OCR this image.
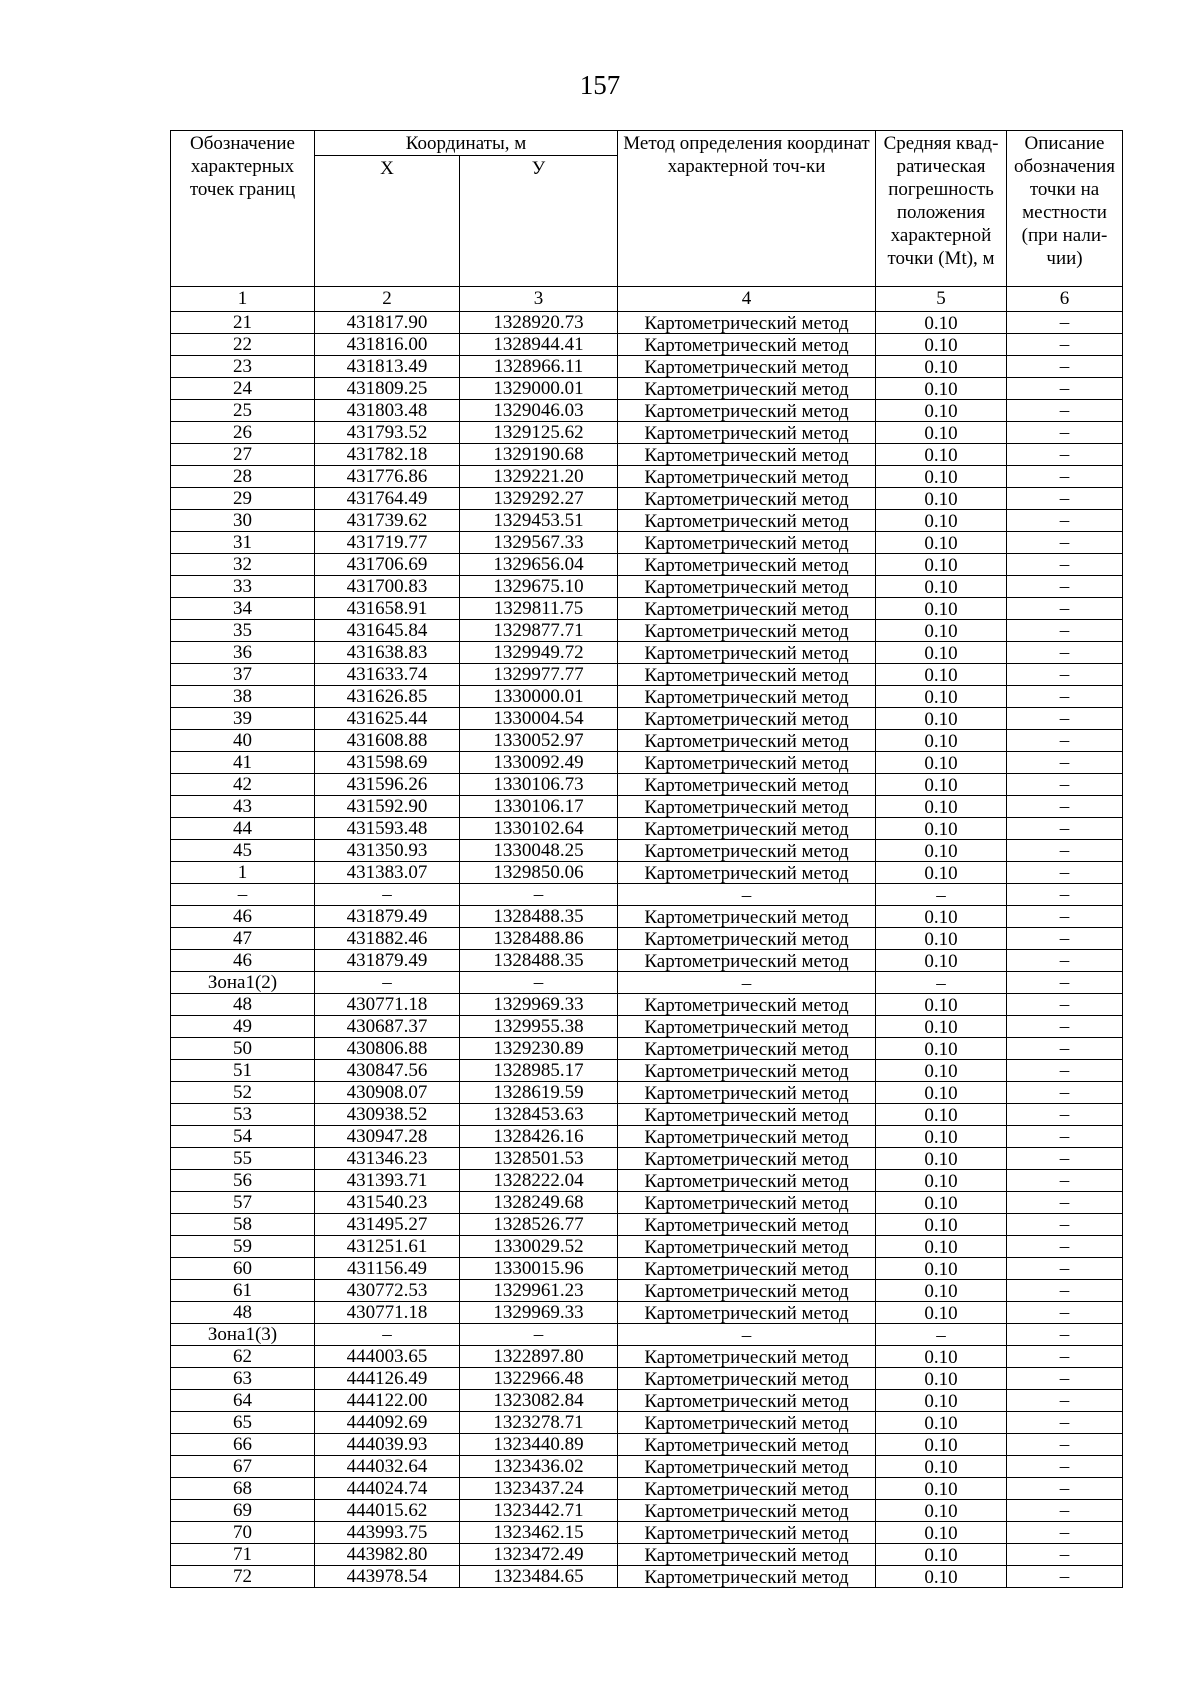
157
Обозначение характерных точек границ	Координаты, м		Метод определения координат характерной точ-ки	Средняя квад-ратическая погрешность положения характерной точки (Mt), м	Описание обозначения точки на местности (при нали-чии)
	Х	У			
1	2	3	4	5	6
21	431817.90	1328920.73	Картометрический метод	0.10	–
22	431816.00	1328944.41	Картометрический метод	0.10	–
23	431813.49	1328966.11	Картометрический метод	0.10	–
24	431809.25	1329000.01	Картометрический метод	0.10	–
25	431803.48	1329046.03	Картометрический метод	0.10	–
26	431793.52	1329125.62	Картометрический метод	0.10	–
27	431782.18	1329190.68	Картометрический метод	0.10	–
28	431776.86	1329221.20	Картометрический метод	0.10	–
29	431764.49	1329292.27	Картометрический метод	0.10	–
30	431739.62	1329453.51	Картометрический метод	0.10	–
31	431719.77	1329567.33	Картометрический метод	0.10	–
32	431706.69	1329656.04	Картометрический метод	0.10	–
33	431700.83	1329675.10	Картометрический метод	0.10	–
34	431658.91	1329811.75	Картометрический метод	0.10	–
35	431645.84	1329877.71	Картометрический метод	0.10	–
36	431638.83	1329949.72	Картометрический метод	0.10	–
37	431633.74	1329977.77	Картометрический метод	0.10	–
38	431626.85	1330000.01	Картометрический метод	0.10	–
39	431625.44	1330004.54	Картометрический метод	0.10	–
40	431608.88	1330052.97	Картометрический метод	0.10	–
41	431598.69	1330092.49	Картометрический метод	0.10	–
42	431596.26	1330106.73	Картометрический метод	0.10	–
43	431592.90	1330106.17	Картометрический метод	0.10	–
44	431593.48	1330102.64	Картометрический метод	0.10	–
45	431350.93	1330048.25	Картометрический метод	0.10	–
1	431383.07	1329850.06	Картометрический метод	0.10	–
–	–	–	–	–	–
46	431879.49	1328488.35	Картометрический метод	0.10	–
47	431882.46	1328488.86	Картометрический метод	0.10	–
46	431879.49	1328488.35	Картометрический метод	0.10	–
Зона1(2)	–	–	–	–	–
48	430771.18	1329969.33	Картометрический метод	0.10	–
49	430687.37	1329955.38	Картометрический метод	0.10	–
50	430806.88	1329230.89	Картометрический метод	0.10	–
51	430847.56	1328985.17	Картометрический метод	0.10	–
52	430908.07	1328619.59	Картометрический метод	0.10	–
53	430938.52	1328453.63	Картометрический метод	0.10	–
54	430947.28	1328426.16	Картометрический метод	0.10	–
55	431346.23	1328501.53	Картометрический метод	0.10	–
56	431393.71	1328222.04	Картометрический метод	0.10	–
57	431540.23	1328249.68	Картометрический метод	0.10	–
58	431495.27	1328526.77	Картометрический метод	0.10	–
59	431251.61	1330029.52	Картометрический метод	0.10	–
60	431156.49	1330015.96	Картометрический метод	0.10	–
61	430772.53	1329961.23	Картометрический метод	0.10	–
48	430771.18	1329969.33	Картометрический метод	0.10	–
Зона1(3)	–	–	–	–	–
62	444003.65	1322897.80	Картометрический метод	0.10	–
63	444126.49	1322966.48	Картометрический метод	0.10	–
64	444122.00	1323082.84	Картометрический метод	0.10	–
65	444092.69	1323278.71	Картометрический метод	0.10	–
66	444039.93	1323440.89	Картометрический метод	0.10	–
67	444032.64	1323436.02	Картометрический метод	0.10	–
68	444024.74	1323437.24	Картометрический метод	0.10	–
69	444015.62	1323442.71	Картометрический метод	0.10	–
70	443993.75	1323462.15	Картометрический метод	0.10	–
71	443982.80	1323472.49	Картометрический метод	0.10	–
72	443978.54	1323484.65	Картометрический метод	0.10	–
